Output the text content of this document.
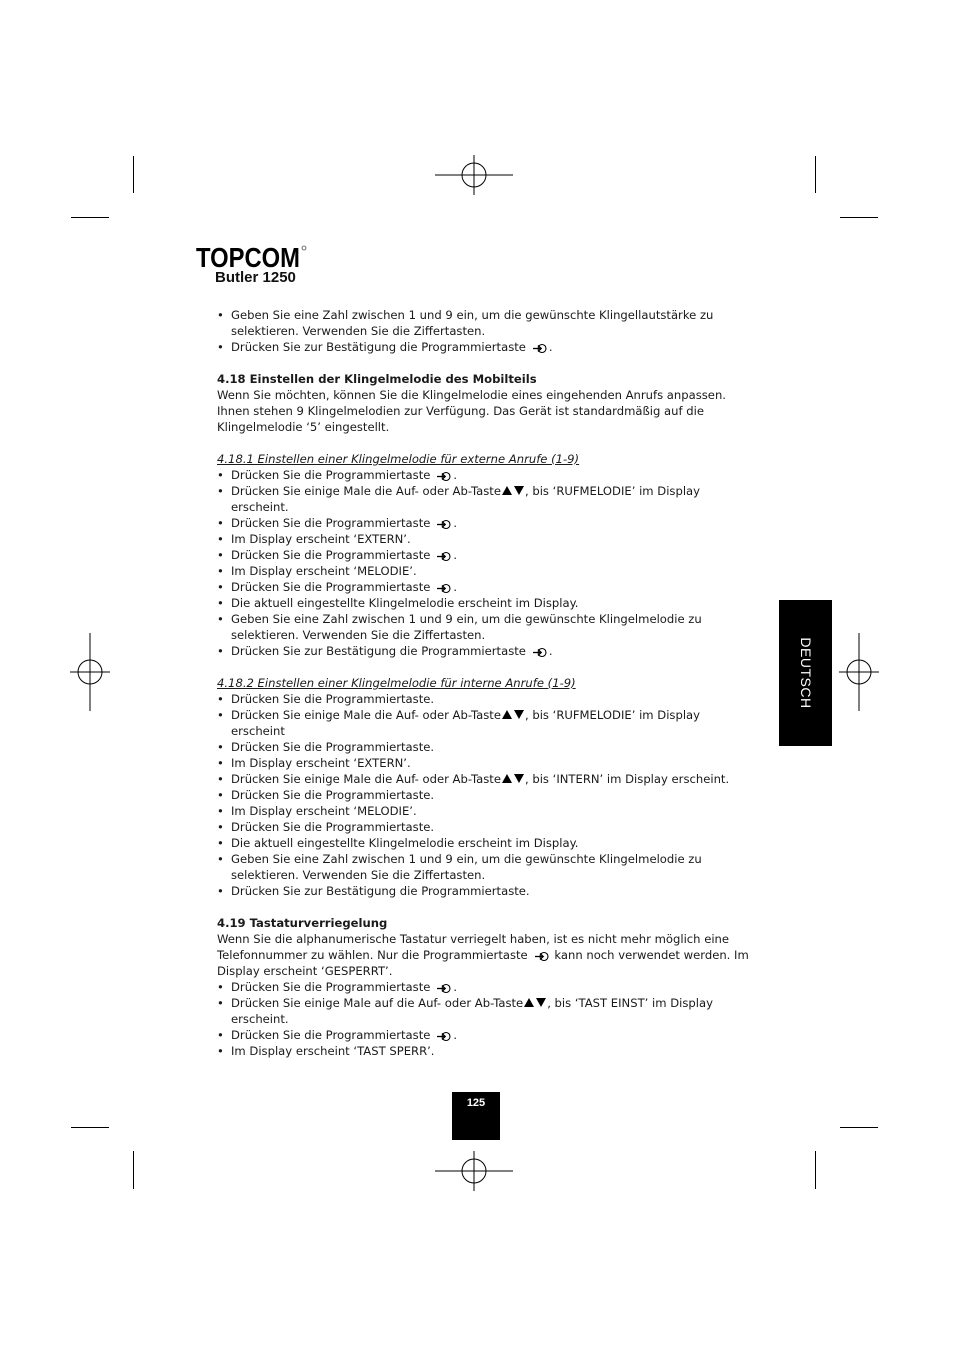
TOPCOM

Butler 1250

• Geben Sie eine Zahl zwischen 1 und 9 ein, um die gewünschte Klingellautstärke zu selektieren. Verwenden Sie die Ziffertasten.
• Drücken Sie zur Bestätigung die Programmiertaste .

4.18 Einstellen der Klingelmelodie des Mobilteils

Wenn Sie möchten, können Sie die Klingelmelodie eines eingehenden Anrufs anpassen. Ihnen stehen 9 Klingelmelodien zur Verfügung. Das Gerät ist standardmäßig auf die Klingelmelodie ‘5’ eingestellt.

4.18.1 Einstellen einer Klingelmelodie für externe Anrufe (1-9)

• Drücken Sie die Programmiertaste .
• Drücken Sie einige Male die Auf- oder Ab-Taste , bis ‘RUFMELODIE’ im Display erscheint.
• Drücken Sie die Programmiertaste .
• Im Display erscheint ‘EXTERN’.
• Drücken Sie die Programmiertaste .
• Im Display erscheint ‘MELODIE’.
• Drücken Sie die Programmiertaste .
• Die aktuell eingestellte Klingelmelodie erscheint im Display.
• Geben Sie eine Zahl zwischen 1 und 9 ein, um die gewünschte Klingelmelodie zu selektieren. Verwenden Sie die Ziffertasten.
• Drücken Sie zur Bestätigung die Programmiertaste .

4.18.2 Einstellen einer Klingelmelodie für interne Anrufe (1-9)

• Drücken Sie die Programmiertaste.
• Drücken Sie einige Male die Auf- oder Ab-Taste , bis ‘RUFMELODIE’ im Display erscheint
• Drücken Sie die Programmiertaste.
• Im Display erscheint ‘EXTERN’.
• Drücken Sie einige Male die Auf- oder Ab-Taste , bis ‘INTERN’ im Display erscheint.
• Drücken Sie die Programmiertaste.
• Im Display erscheint ‘MELODIE’.
• Drücken Sie die Programmiertaste.
• Die aktuell eingestellte Klingelmelodie erscheint im Display.
• Geben Sie eine Zahl zwischen 1 und 9 ein, um die gewünschte Klingelmelodie zu selektieren. Verwenden Sie die Ziffertasten.
• Drücken Sie zur Bestätigung die Programmiertaste.

4.19 Tastaturverriegelung

Wenn Sie die alphanumerische Tastatur verriegelt haben, ist es nicht mehr möglich eine Telefonnummer zu wählen. Nur die Programmiertaste kann noch verwendet werden. Im Display erscheint ‘GESPERRT’.

• Drücken Sie die Programmiertaste .
• Drücken Sie einige Male auf die Auf- oder Ab-Taste , bis ‘TAST EINST’ im Display erscheint.
• Drücken Sie die Programmiertaste .
• Im Display erscheint ‘TAST SPERR’.
DEUTSCH
125
